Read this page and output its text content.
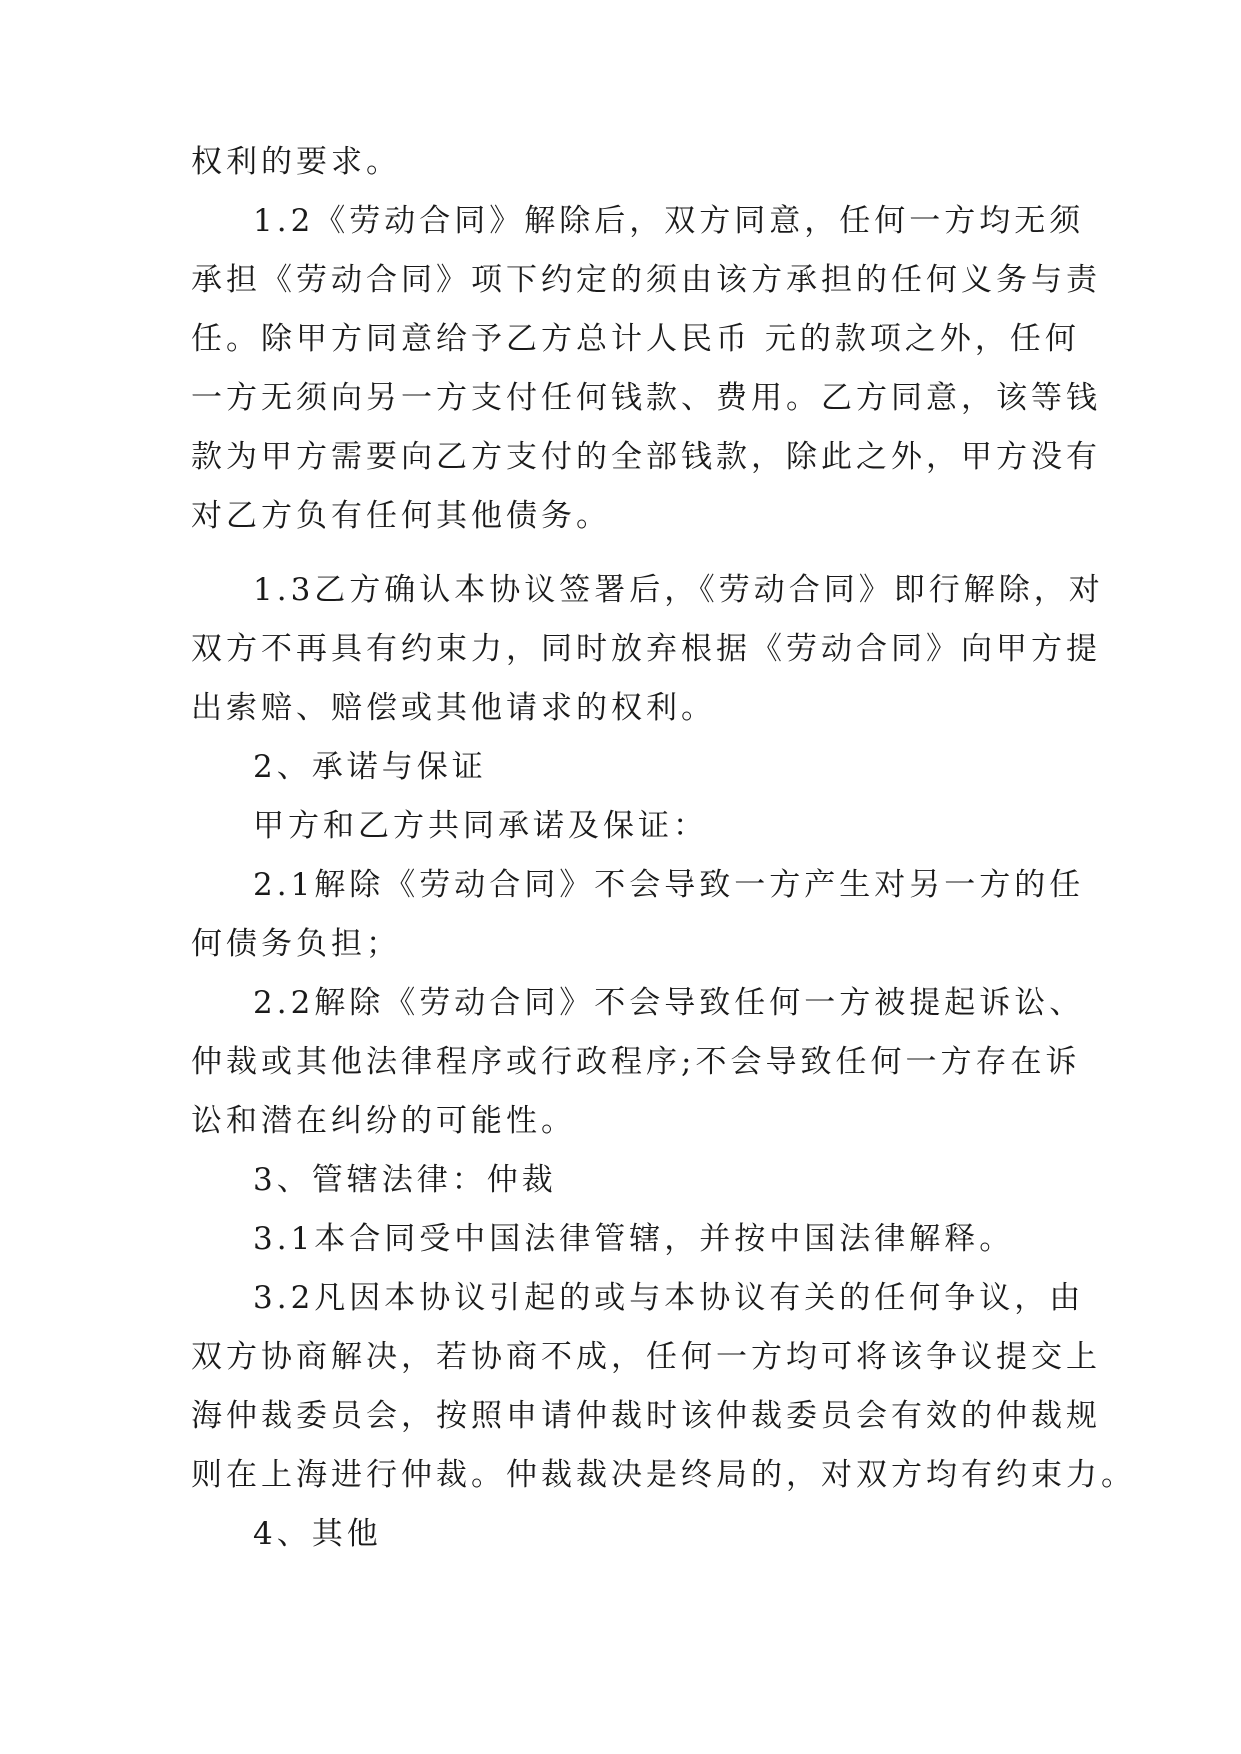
权利的要求。
1.2《劳动合同》解除后，双方同意，任何一方均无须
承担《劳动合同》项下约定的须由该方承担的任何义务与责
任。除甲方同意给予乙方总计人民币 元的款项之外，任何
一方无须向另一方支付任何钱款、费用。乙方同意，该等钱
款为甲方需要向乙方支付的全部钱款，除此之外，甲方没有
对乙方负有任何其他债务。
1.3乙方确认本协议签署后，《劳动合同》即行解除，对
双方不再具有约束力，同时放弃根据《劳动合同》向甲方提
出索赔、赔偿或其他请求的权利。
2、承诺与保证
甲方和乙方共同承诺及保证：
2.1解除《劳动合同》不会导致一方产生对另一方的任
何债务负担；
2.2解除《劳动合同》不会导致任何一方被提起诉讼、
仲裁或其他法律程序或行政程序;不会导致任何一方存在诉
讼和潜在纠纷的可能性。
3、管辖法律：仲裁
3.1本合同受中国法律管辖，并按中国法律解释。
3.2凡因本协议引起的或与本协议有关的任何争议，由
双方协商解决，若协商不成，任何一方均可将该争议提交上
海仲裁委员会，按照申请仲裁时该仲裁委员会有效的仲裁规
则在上海进行仲裁。仲裁裁决是终局的，对双方均有约束力。
4、其他
